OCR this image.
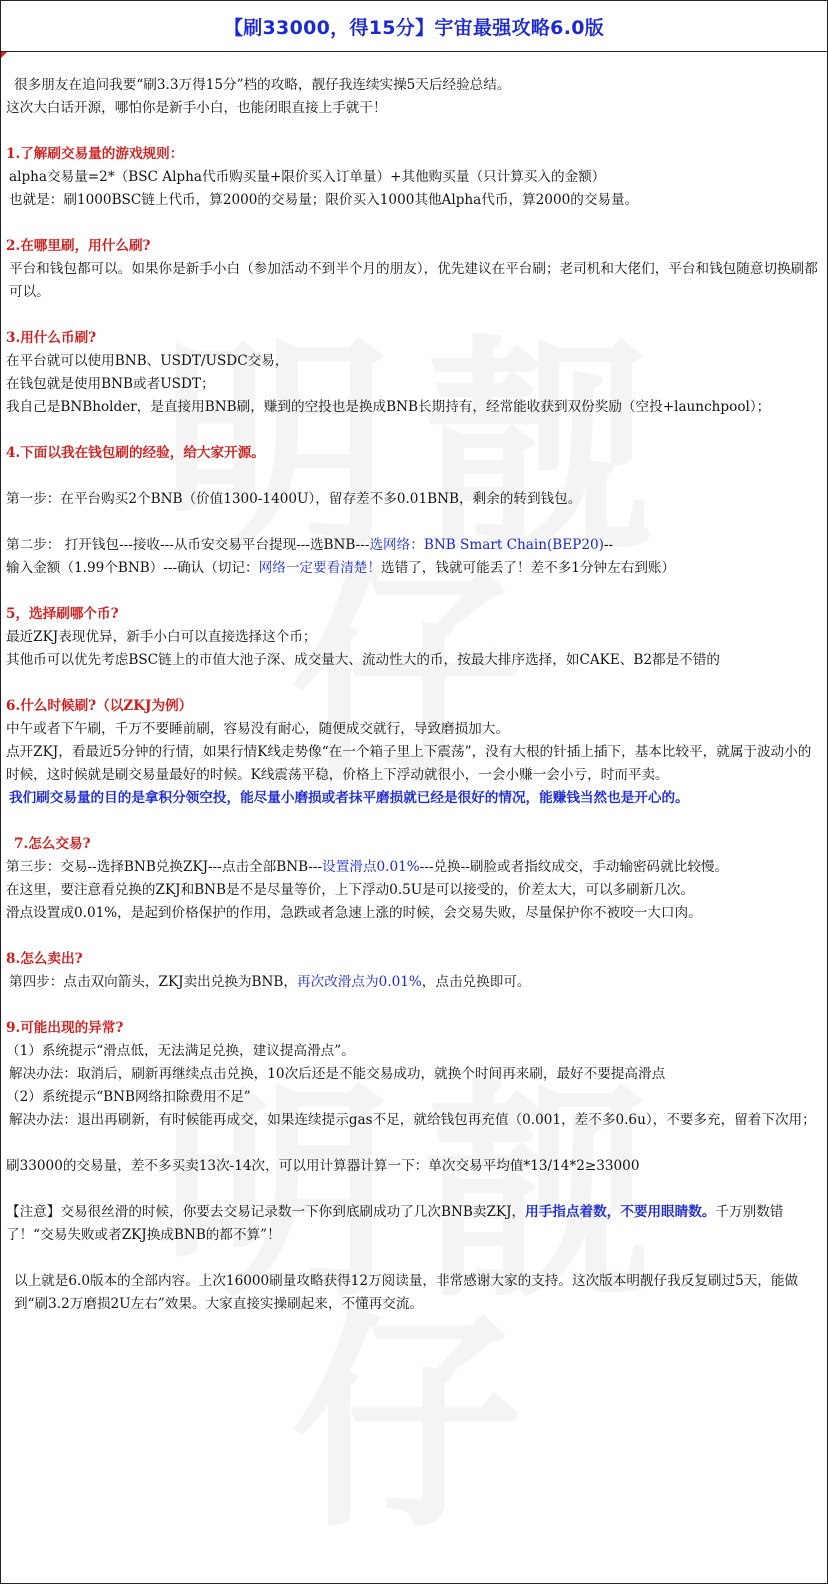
【刷33000，得15分】宇宙最强攻略6.0版

很多朋友在追问我要“刷3.3万得15分”档的攻略，靓仔我连续实操5天后经验总结。

这次大白话开源，哪怕你是新手小白，也能闭眼直接上手就干！

1.了解刷交易量的游戏规则：

alpha交易量=2*（BSC Alpha代币购买量+限价买入订单量）+其他购买量（只计算买入的金额）

也就是：刷1000BSC链上代币，算2000的交易量；限价买入1000其他Alpha代币，算2000的交易量。

2.在哪里刷，用什么刷?

平台和钱包都可以。如果你是新手小白（参加活动不到半个月的朋友），优先建议在平台刷；老司机和大佬们，平台和钱包随意切换刷都可以。

3.用什么币刷?

在平台就可以使用BNB、USDT/USDC交易，

在钱包就是使用BNB或者USDT；

我自己是BNBholder，是直接用BNB刷，赚到的空投也是换成BNB长期持有，经常能收获到双份奖励（空投+launchpool）；

4.下面以我在钱包刷的经验，给大家开源。

第一步：在平台购买2个BNB（价值1300-1400U），留存差不多0.01BNB，剩余的转到钱包。

第二步： 打开钱包---接收---从币安交易平台提现---选BNB---选网络：BNB Smart Chain(BEP20)--

输入金额（1.99个BNB）---确认（切记：网络一定要看清楚！选错了，钱就可能丢了！差不多1分钟左右到账）

5，选择刷哪个币?

最近ZKJ表现优异，新手小白可以直接选择这个币；

其他币可以优先考虑BSC链上的市值大池子深、成交量大、流动性大的币，按最大排序选择，如CAKE、B2都是不错的

6.什么时候刷?（以ZKJ为例）

中午或者下午刷，千万不要睡前刷，容易没有耐心，随便成交就行，导致磨损加大。

点开ZKJ，看最近5分钟的行情，如果行情K线走势像“在一个箱子里上下震荡”，没有大根的针插上插下，基本比较平，就属于波动小的时候，这时候就是刷交易量最好的时候。K线震荡平稳，价格上下浮动就很小，一会小赚一会小亏，时而平卖。

我们刷交易量的目的是拿积分领空投，能尽量小磨损或者抹平磨损就已经是很好的情况，能赚钱当然也是开心的。

7.怎么交易?

第三步：交易--选择BNB兑换ZKJ---点击全部BNB---设置滑点0.01%---兑换--刷脸或者指纹成交，手动输密码就比较慢。

在这里，要注意看兑换的ZKJ和BNB是不是尽量等价，上下浮动0.5U是可以接受的，价差太大，可以多刷新几次。

滑点设置成0.01%，是起到价格保护的作用，急跌或者急速上涨的时候，会交易失败，尽量保护你不被咬一大口肉。

8.怎么卖出?

第四步：点击双向箭头，ZKJ卖出兑换为BNB，再次改滑点为0.01%，点击兑换即可。

9.可能出现的异常?

（1）系统提示“滑点低，无法满足兑换，建议提高滑点”。

解决办法：取消后，刷新再继续点击兑换，10次后还是不能交易成功，就换个时间再来刷，最好不要提高滑点

（2）系统提示“BNB网络扣除费用不足”

解决办法：退出再刷新，有时候能再成交，如果连续提示gas不足，就给钱包再充值（0.001，差不多0.6u），不要多充，留着下次用；

刷33000的交易量，差不多买卖13次-14次，可以用计算器计算一下：单次交易平均值*13/14*2≥33000

【注意】交易很丝滑的时候，你要去交易记录数一下你到底刷成功了几次BNB卖ZKJ，用手指点着数，不要用眼睛数。千万别数错了！“交易失败或者ZKJ换成BNB的都不算”！

以上就是6.0版本的全部内容。上次16000刷量攻略获得12万阅读量，非常感谢大家的支持。这次版本明靓仔我反复刷过5天，能做到“刷3.2万磨损2U左右”效果。大家直接实操刷起来，不懂再交流。
